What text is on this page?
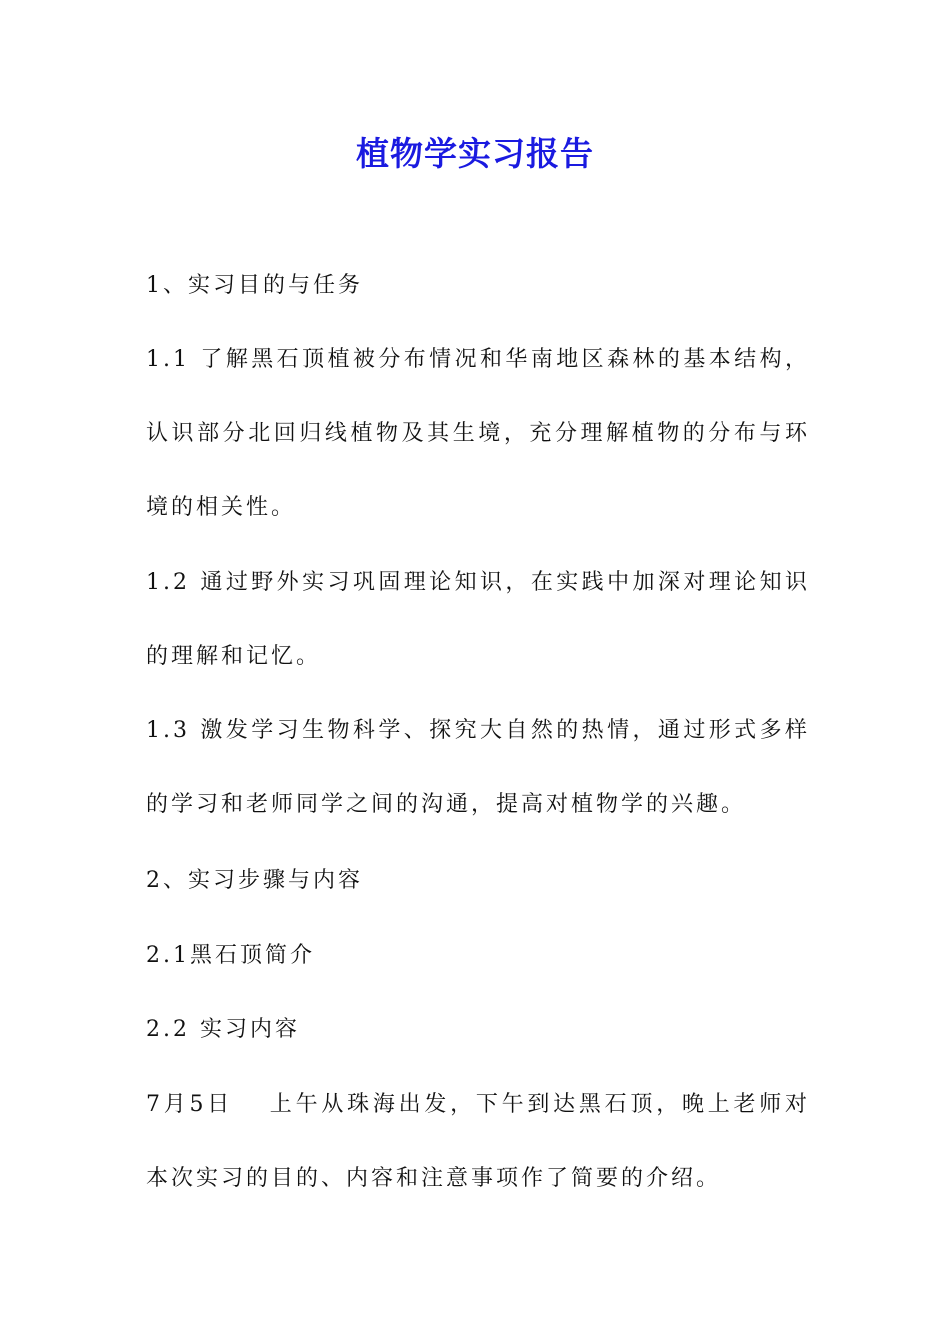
植物学实习报告

1、实习目的与任务

1.1 了解黑石顶植被分布情况和华南地区森林的基本结构，认识部分北回归线植物及其生境，充分理解植物的分布与环境的相关性。

1.2 通过野外实习巩固理论知识，在实践中加深对理论知识的理解和记忆。

1.3 激发学习生物科学、探究大自然的热情，通过形式多样的学习和老师同学之间的沟通，提高对植物学的兴趣。

2、实习步骤与内容

2.1黑石顶简介

2.2 实习内容

7月5日 上午从珠海出发，下午到达黑石顶，晚上老师对本次实习的目的、内容和注意事项作了简要的介绍。
